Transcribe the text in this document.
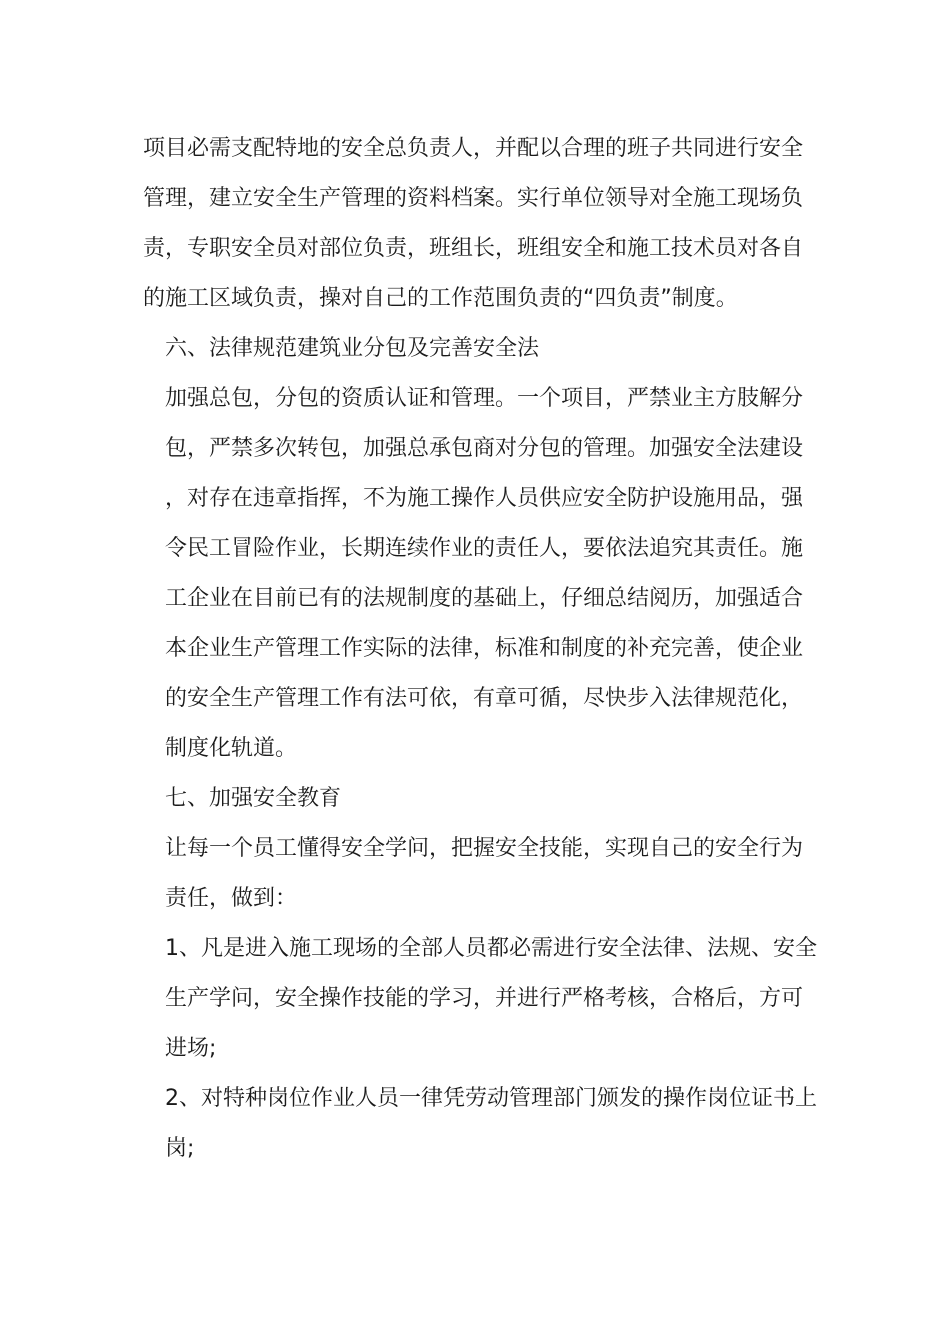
项目必需支配特地的安全总负责人，并配以合理的班子共同进行安全管理，建立安全生产管理的资料档案。实行单位领导对全施工现场负责，专职安全员对部位负责，班组长，班组安全和施工技术员对各自的施工区域负责，操对自己的工作范围负责的“四负责”制度。

六、法律规范建筑业分包及完善安全法

加强总包，分包的资质认证和管理。一个项目，严禁业主方肢解分包，严禁多次转包，加强总承包商对分包的管理。加强安全法建设，对存在违章指挥，不为施工操作人员供应安全防护设施用品，强令民工冒险作业，长期连续作业的责任人，要依法追究其责任。施工企业在目前已有的法规制度的基础上，仔细总结阅历，加强适合本企业生产管理工作实际的法律，标准和制度的补充完善，使企业的安全生产管理工作有法可依，有章可循，尽快步入法律规范化，制度化轨道。

七、加强安全教育

让每一个员工懂得安全学问，把握安全技能，实现自己的安全行为责任，做到：

1、凡是进入施工现场的全部人员都必需进行安全法律、法规、安全生产学问，安全操作技能的学习，并进行严格考核，合格后，方可进场;

2、对特种岗位作业人员一律凭劳动管理部门颁发的操作岗位证书上岗;
